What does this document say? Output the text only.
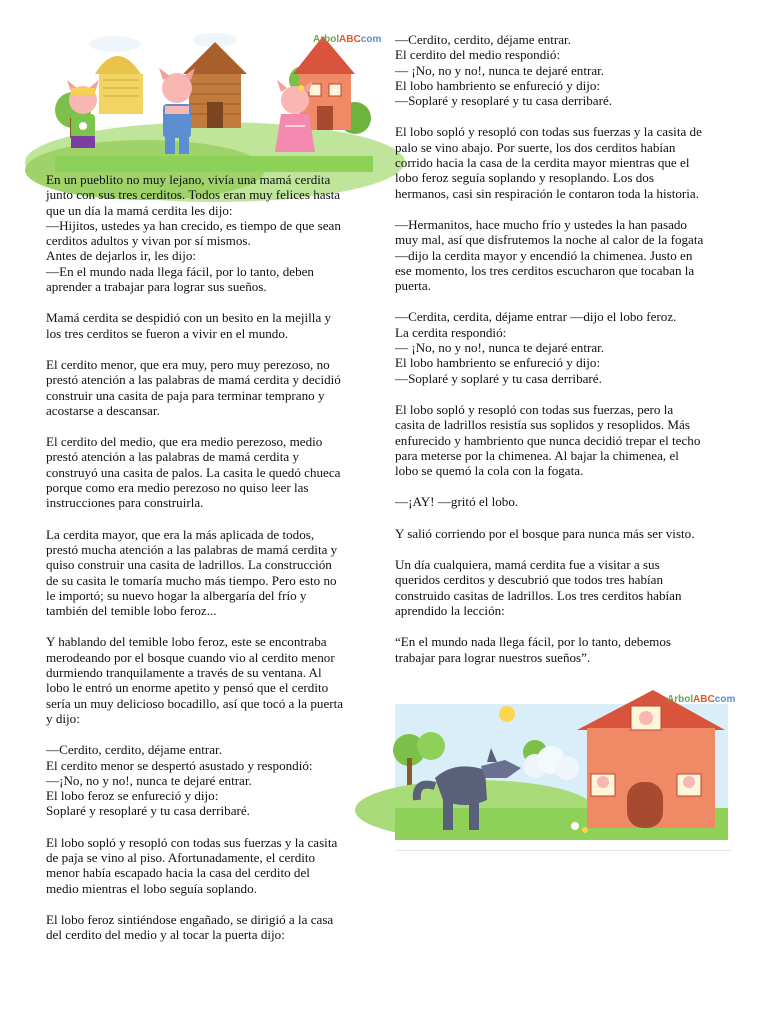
Arbol ABC
.com

En un pueblito no muy lejano, vivía una mamá cerdita
junto con sus tres cerditos. Todos eran muy felices hasta
que un día la mamá cerdita les dijo:
—Hijitos, ustedes ya han crecido, es tiempo de que sean
cerditos adultos y vivan por sí mismos.
Antes de dejarlos ir, les dijo:
—En el mundo nada llega fácil, por lo tanto, deben
aprender a trabajar para lograr sus sueños.

Mamá cerdita se despidió con un besito en la mejilla y
los tres cerditos se fueron a vivir en el mundo.

El cerdito menor, que era muy, pero muy perezoso, no
prestó atención a las palabras de mamá cerdita y decidió
construir una casita de paja para terminar temprano y
acostarse a descansar.

El cerdito del medio, que era medio perezoso, medio
prestó atención a las palabras de mamá cerdita y
construyó una casita de palos. La casita le quedó chueca
porque como era medio perezoso no quiso leer las
instrucciones para construirla.

La cerdita mayor, que era la más aplicada de todos,
prestó mucha atención a las palabras de mamá cerdita y
quiso construir una casita de ladrillos. La construcción
de su casita le tomaría mucho más tiempo. Pero esto no
le importó; su nuevo hogar la albergaría del frío y
también del temible lobo feroz...

Y hablando del temible lobo feroz, este se encontraba
merodeando por el bosque cuando vio al cerdito menor
durmiendo tranquilamente a través de su ventana. Al
lobo le entró un enorme apetito y pensó que el cerdito
sería un muy delicioso bocadillo, así que tocó a la puerta
y dijo:

—Cerdito, cerdito, déjame entrar.
El cerdito menor se despertó asustado y respondió:
—¡No, no y no!, nunca te dejaré entrar.
El lobo feroz se enfureció y dijo:
Soplaré y resoplaré y tu casa derribaré.

El lobo sopló y resopló con todas sus fuerzas y la casita
de paja se vino al piso. Afortunadamente, el cerdito
menor había escapado hacia la casa del cerdito del
medio mientras el lobo seguía soplando.

El lobo feroz sintiéndose engañado, se dirigió a la casa
del cerdito del medio y al tocar la puerta dijo:

—Cerdito, cerdito, déjame entrar.
El cerdito del medio respondió:
— ¡No, no y no!, nunca te dejaré entrar.
El lobo hambriento se enfureció y dijo:
—Soplaré y resoplaré y tu casa derribaré.

El lobo sopló y resopló con todas sus fuerzas y la casita de
palo se vino abajo. Por suerte, los dos cerditos habían
corrido hacia la casa de la cerdita mayor mientras que el
lobo feroz seguía soplando y resoplando. Los dos
hermanos, casi sin respiración le contaron toda la historia.

—Hermanitos, hace mucho frío y ustedes la han pasado
muy mal, así que disfrutemos la noche al calor de la fogata
—dijo la cerdita mayor y encendió la chimenea. Justo en
ese momento, los tres cerditos escucharon que tocaban la
puerta.

—Cerdita, cerdita, déjame entrar —dijo el lobo feroz.
La cerdita respondió:
— ¡No, no y no!, nunca te dejaré entrar.
El lobo hambriento se enfureció y dijo:
—Soplaré y soplaré y tu casa derribaré.

El lobo sopló y resopló con todas sus fuerzas, pero la
casita de ladrillos resistía sus soplidos y resoplidos. Más
enfurecido y hambriento que nunca decidió trepar el techo
para meterse por la chimenea. Al bajar la chimenea, el
lobo se quemó la cola con la fogata.

—¡AY! —gritó el lobo.

Y salió corriendo por el bosque para nunca más ser visto.

Un día cualquiera, mamá cerdita fue a visitar a sus
queridos cerditos y descubrió que todos tres habían
construido casitas de ladrillos. Los tres cerditos habían
aprendido la lección:

“En el mundo nada llega fácil, por lo tanto, debemos
trabajar para lograr nuestros sueños”.

Arbol ABC
.com
